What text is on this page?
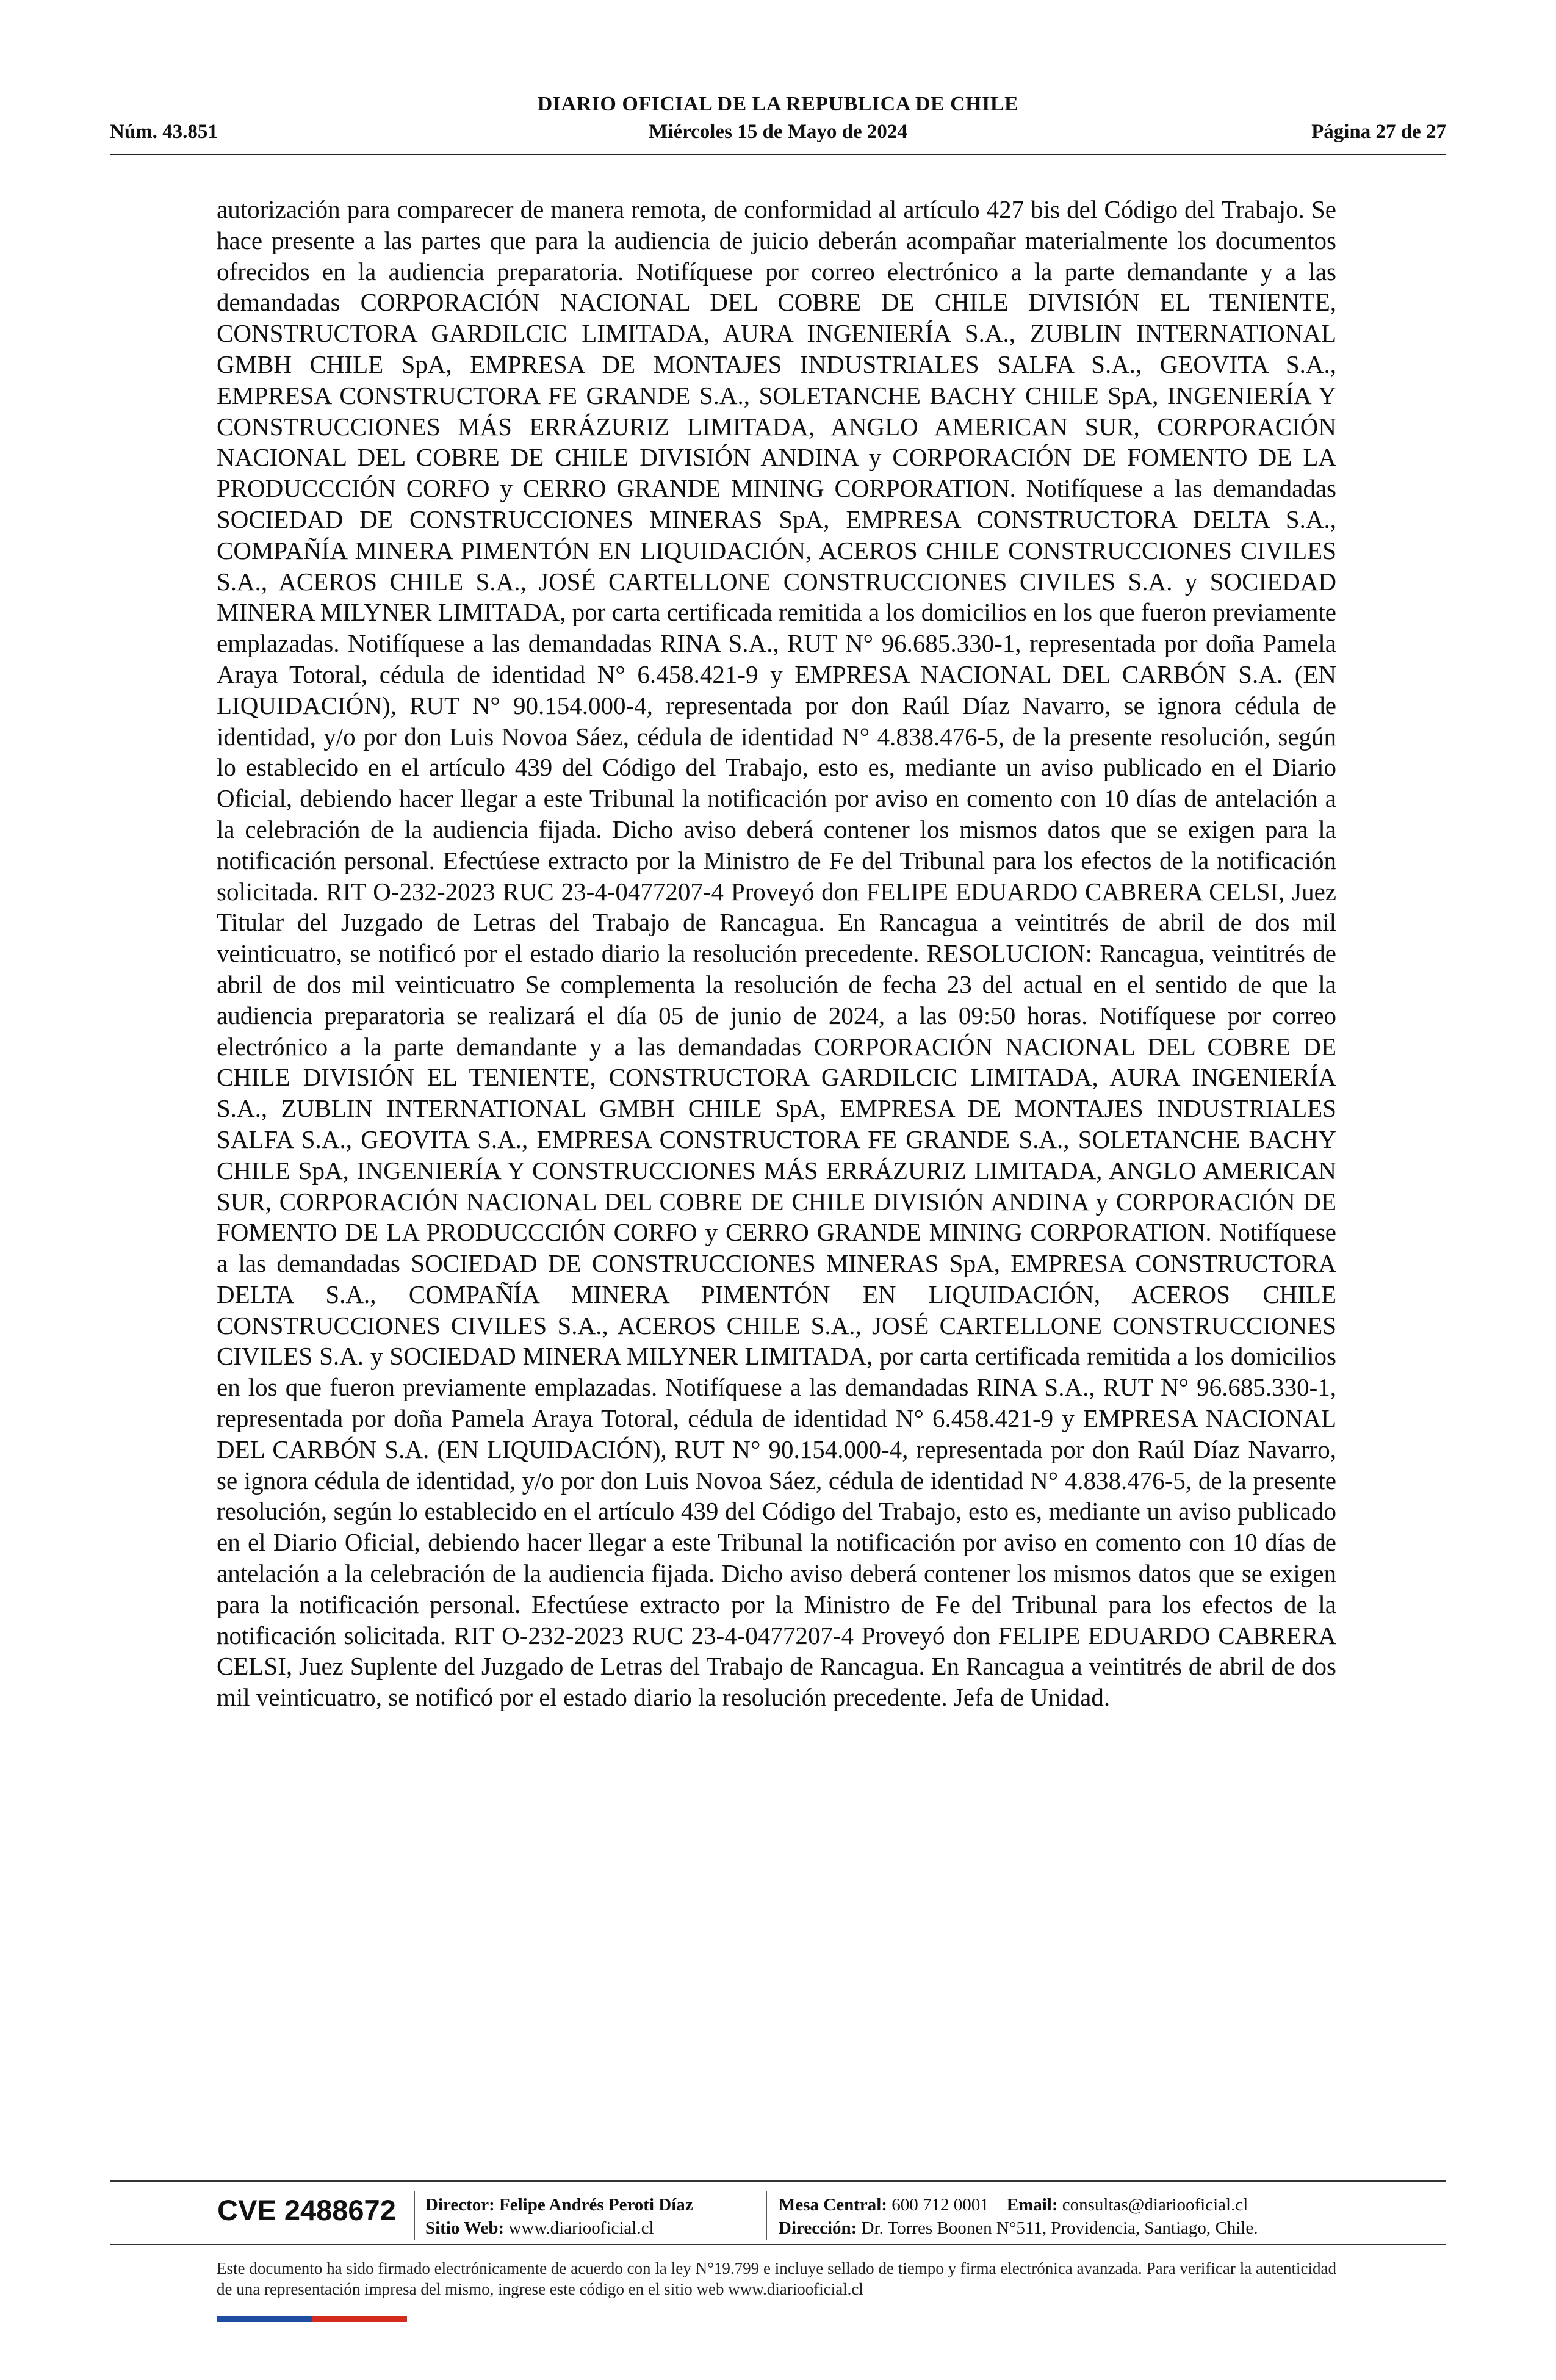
DIARIO OFICIAL DE LA REPUBLICA DE CHILE
Núm. 43.851	Miércoles 15 de Mayo de 2024	Página 27 de 27

autorización para comparecer de manera remota, de conformidad al artículo 427 bis del Código del Trabajo. Se hace presente a las partes que para la audiencia de juicio deberán acompañar materialmente los documentos ofrecidos en la audiencia preparatoria. Notifíquese por correo electrónico a la parte demandante y a las demandadas CORPORACIÓN NACIONAL DEL COBRE DE CHILE DIVISIÓN EL TENIENTE, CONSTRUCTORA GARDILCIC LIMITADA, AURA INGENIERÍA S.A., ZUBLIN INTERNATIONAL GMBH CHILE SpA, EMPRESA DE MONTAJES INDUSTRIALES SALFA S.A., GEOVITA S.A., EMPRESA CONSTRUCTORA FE GRANDE S.A., SOLETANCHE BACHY CHILE SpA, INGENIERÍA Y CONSTRUCCIONES MÁS ERRÁZURIZ LIMITADA, ANGLO AMERICAN SUR, CORPORACIÓN NACIONAL DEL COBRE DE CHILE DIVISIÓN ANDINA y CORPORACIÓN DE FOMENTO DE LA PRODUCCCIÓN CORFO y CERRO GRANDE MINING CORPORATION. Notifíquese a las demandadas SOCIEDAD DE CONSTRUCCIONES MINERAS SpA, EMPRESA CONSTRUCTORA DELTA S.A., COMPAÑÍA MINERA PIMENTÓN EN LIQUIDACIÓN, ACEROS CHILE CONSTRUCCIONES CIVILES S.A., ACEROS CHILE S.A., JOSÉ CARTELLONE CONSTRUCCIONES CIVILES S.A. y SOCIEDAD MINERA MILYNER LIMITADA, por carta certificada remitida a los domicilios en los que fueron previamente emplazadas. Notifíquese a las demandadas RINA S.A., RUT N° 96.685.330-1, representada por doña Pamela Araya Totoral, cédula de identidad N° 6.458.421-9 y EMPRESA NACIONAL DEL CARBÓN S.A. (EN LIQUIDACIÓN), RUT N° 90.154.000-4, representada por don Raúl Díaz Navarro, se ignora cédula de identidad, y/o por don Luis Novoa Sáez, cédula de identidad N° 4.838.476-5, de la presente resolución, según lo establecido en el artículo 439 del Código del Trabajo, esto es, mediante un aviso publicado en el Diario Oficial, debiendo hacer llegar a este Tribunal la notificación por aviso en comento con 10 días de antelación a la celebración de la audiencia fijada. Dicho aviso deberá contener los mismos datos que se exigen para la notificación personal. Efectúese extracto por la Ministro de Fe del Tribunal para los efectos de la notificación solicitada. RIT O-232-2023 RUC 23-4-0477207-4 Proveyó don FELIPE EDUARDO CABRERA CELSI, Juez Titular del Juzgado de Letras del Trabajo de Rancagua. En Rancagua a veintitrés de abril de dos mil veinticuatro, se notificó por el estado diario la resolución precedente. RESOLUCION: Rancagua, veintitrés de abril de dos mil veinticuatro Se complementa la resolución de fecha 23 del actual en el sentido de que la audiencia preparatoria se realizará el día 05 de junio de 2024, a las 09:50 horas. Notifíquese por correo electrónico a la parte demandante y a las demandadas CORPORACIÓN NACIONAL DEL COBRE DE CHILE DIVISIÓN EL TENIENTE, CONSTRUCTORA GARDILCIC LIMITADA, AURA INGENIERÍA S.A., ZUBLIN INTERNATIONAL GMBH CHILE SpA, EMPRESA DE MONTAJES INDUSTRIALES SALFA S.A., GEOVITA S.A., EMPRESA CONSTRUCTORA FE GRANDE S.A., SOLETANCHE BACHY CHILE SpA, INGENIERÍA Y CONSTRUCCIONES MÁS ERRÁZURIZ LIMITADA, ANGLO AMERICAN SUR, CORPORACIÓN NACIONAL DEL COBRE DE CHILE DIVISIÓN ANDINA y CORPORACIÓN DE FOMENTO DE LA PRODUCCCIÓN CORFO y CERRO GRANDE MINING CORPORATION. Notifíquese a las demandadas SOCIEDAD DE CONSTRUCCIONES MINERAS SpA, EMPRESA CONSTRUCTORA DELTA S.A., COMPAÑÍA MINERA PIMENTÓN EN LIQUIDACIÓN, ACEROS CHILE CONSTRUCCIONES CIVILES S.A., ACEROS CHILE S.A., JOSÉ CARTELLONE CONSTRUCCIONES CIVILES S.A. y SOCIEDAD MINERA MILYNER LIMITADA, por carta certificada remitida a los domicilios en los que fueron previamente emplazadas. Notifíquese a las demandadas RINA S.A., RUT N° 96.685.330-1, representada por doña Pamela Araya Totoral, cédula de identidad N° 6.458.421-9 y EMPRESA NACIONAL DEL CARBÓN S.A. (EN LIQUIDACIÓN), RUT N° 90.154.000-4, representada por don Raúl Díaz Navarro, se ignora cédula de identidad, y/o por don Luis Novoa Sáez, cédula de identidad N° 4.838.476-5, de la presente resolución, según lo establecido en el artículo 439 del Código del Trabajo, esto es, mediante un aviso publicado en el Diario Oficial, debiendo hacer llegar a este Tribunal la notificación por aviso en comento con 10 días de antelación a la celebración de la audiencia fijada. Dicho aviso deberá contener los mismos datos que se exigen para la notificación personal. Efectúese extracto por la Ministro de Fe del Tribunal para los efectos de la notificación solicitada. RIT O-232-2023 RUC 23-4-0477207-4 Proveyó don FELIPE EDUARDO CABRERA CELSI, Juez Suplente del Juzgado de Letras del Trabajo de Rancagua. En Rancagua a veintitrés de abril de dos mil veinticuatro, se notificó por el estado diario la resolución precedente. Jefa de Unidad.

CVE 2488672	Director: Felipe Andrés Peroti Díaz
Sitio Web: www.diariooficial.cl
Mesa Central: 600 712 0001 Email: consultas@diariooficial.cl
Dirección: Dr. Torres Boonen N°511, Providencia, Santiago, Chile.
Este documento ha sido firmado electrónicamente de acuerdo con la ley N°19.799 e incluye sellado de tiempo y firma electrónica avanzada. Para verificar la autenticidad de una representación impresa del mismo, ingrese este código en el sitio web www.diariooficial.cl
